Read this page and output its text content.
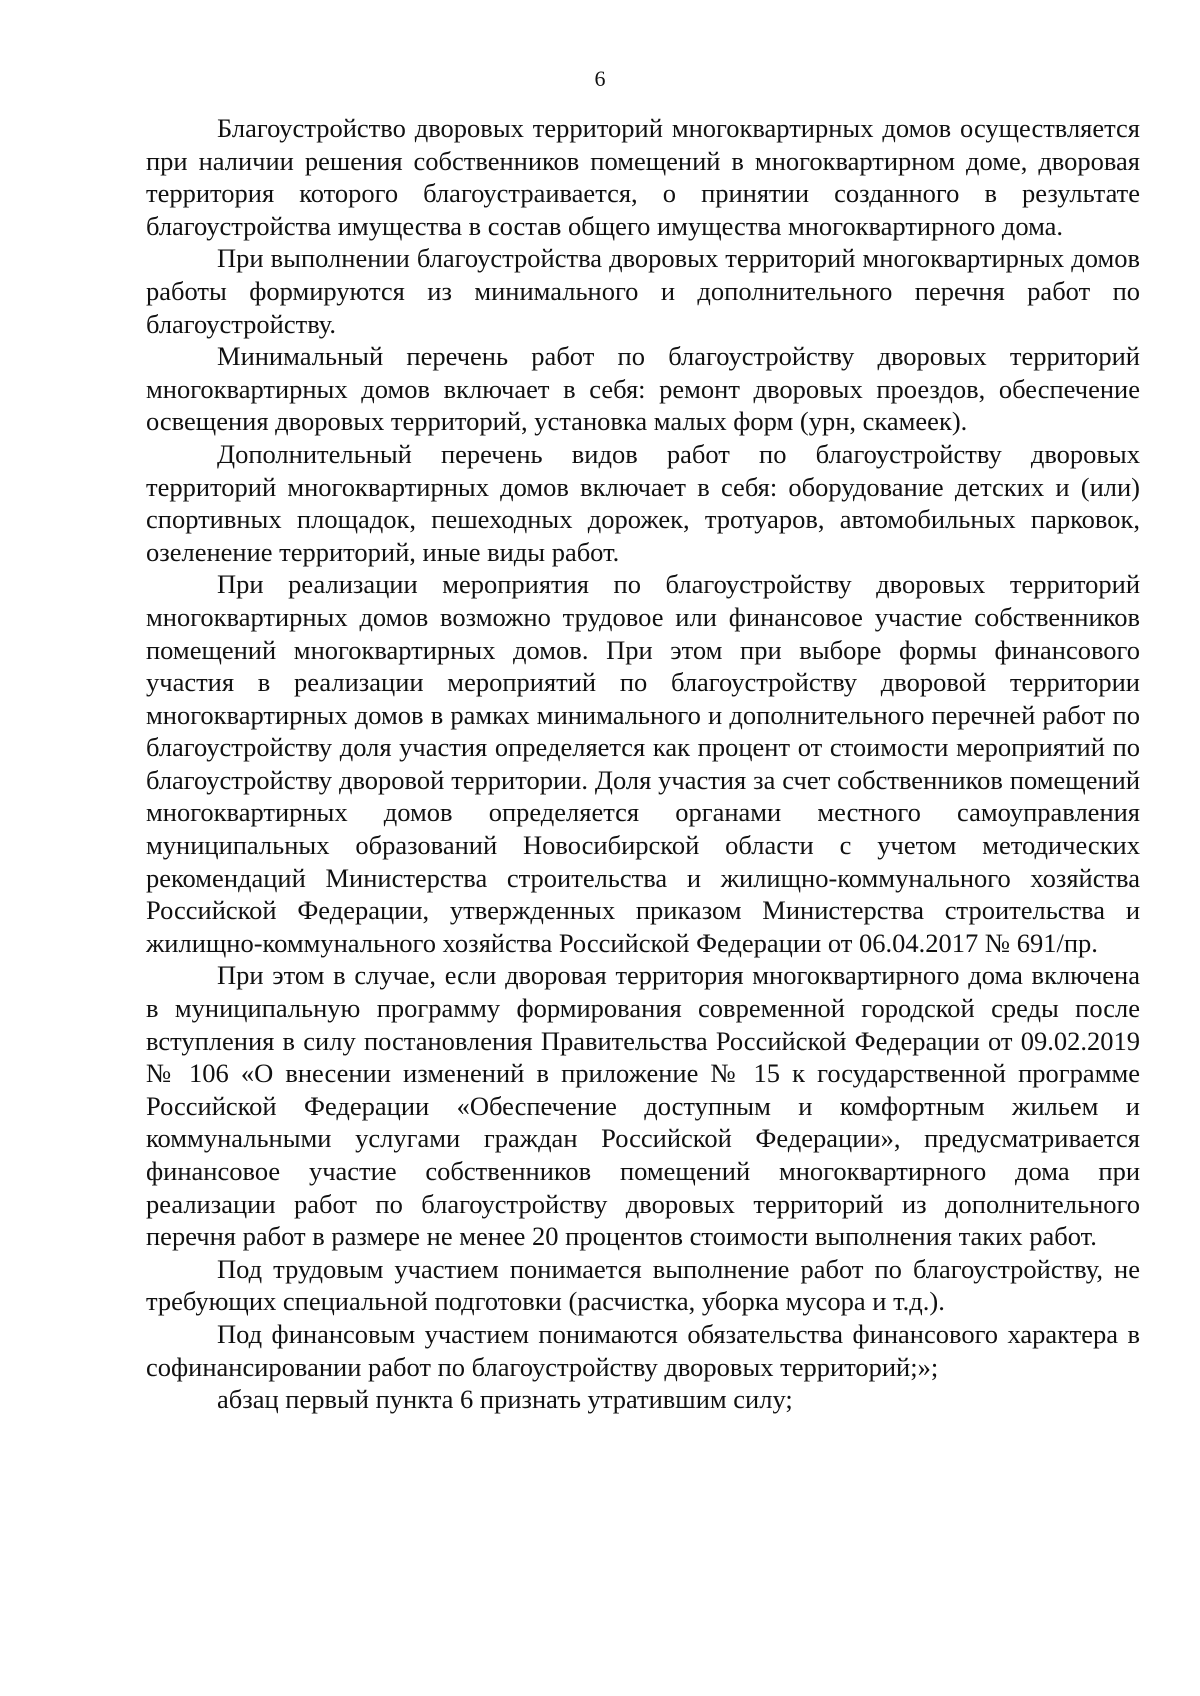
6

Благоустройство дворовых территорий многоквартирных домов осуществляется при наличии решения собственников помещений в многоквартирном доме, дворовая территория которого благоустраивается, о принятии созданного в результате благоустройства имущества в состав общего имущества многоквартирного дома.

При выполнении благоустройства дворовых территорий многоквартирных домов работы формируются из минимального и дополнительного перечня работ по благоустройству.

Минимальный перечень работ по благоустройству дворовых территорий многоквартирных домов включает в себя: ремонт дворовых проездов, обеспечение освещения дворовых территорий, установка малых форм (урн, скамеек).

Дополнительный перечень видов работ по благоустройству дворовых территорий многоквартирных домов включает в себя: оборудование детских и (или) спортивных площадок, пешеходных дорожек, тротуаров, автомобильных парковок, озеленение территорий, иные виды работ.

При реализации мероприятия по благоустройству дворовых территорий многоквартирных домов возможно трудовое или финансовое участие собственников помещений многоквартирных домов. При этом при выборе формы финансового участия в реализации мероприятий по благоустройству дворовой территории многоквартирных домов в рамках минимального и дополнительного перечней работ по благоустройству доля участия определяется как процент от стоимости мероприятий по благоустройству дворовой территории. Доля участия за счет собственников помещений многоквартирных домов определяется органами местного самоуправления муниципальных образований Новосибирской области с учетом методических рекомендаций Министерства строительства и жилищно-коммунального хозяйства Российской Федерации, утвержденных приказом Министерства строительства и жилищно-коммунального хозяйства Российской Федерации от 06.04.2017 № 691/пр.

При этом в случае, если дворовая территория многоквартирного дома включена в муниципальную программу формирования современной городской среды после вступления в силу постановления Правительства Российской Федерации от 09.02.2019 № 106 «О внесении изменений в приложение № 15 к государственной программе Российской Федерации «Обеспечение доступным и комфортным жильем и коммунальными услугами граждан Российской Федерации», предусматривается финансовое участие собственников помещений многоквартирного дома при реализации работ по благоустройству дворовых территорий из дополнительного перечня работ в размере не менее 20 процентов стоимости выполнения таких работ.

Под трудовым участием понимается выполнение работ по благоустройству, не требующих специальной подготовки (расчистка, уборка мусора и т.д.).

Под финансовым участием понимаются обязательства финансового характера в софинансировании работ по благоустройству дворовых территорий;»;

абзац первый пункта 6 признать утратившим силу;
